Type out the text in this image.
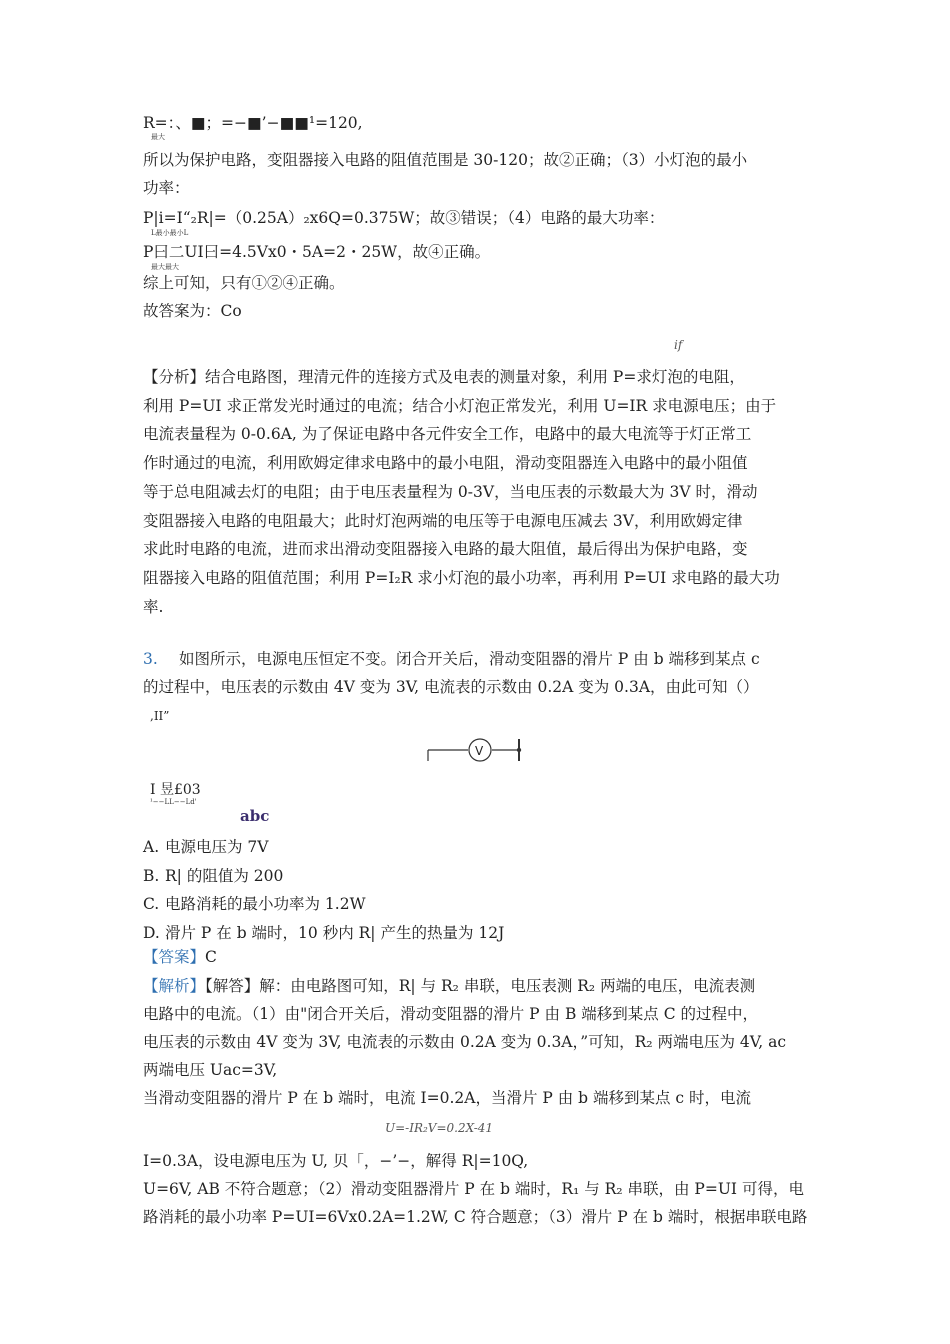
R=：、■；=−■’−■■¹=120,
最大
所以为保护电路，变阻器接入电路的阻值范围是 30-120；故②正确；（3）小灯泡的最小
功率：
P|i=I“₂R|=（0.25A）₂x6Q=0.375W；故③错误；（4）电路的最大功率：
L最小最小L
P曰二UI曰=4.5Vx0・5A=2・25W，故④正确。
最大最大
综上可知，只有①②④正确。
故答案为：Co
if
【分析】结合电路图，理清元件的连接方式及电表的测量对象，利用 P=求灯泡的电阻，
利用 P=UI 求正常发光时通过的电流；结合小灯泡正常发光，利用 U=IR 求电源电压；由于
电流表量程为 0-0.6A, 为了保证电路中各元件安全工作，电路中的最大电流等于灯正常工
作时通过的电流，利用欧姆定律求电路中的最小电阻，滑动变阻器连入电路中的最小阻值
等于总电阻减去灯的电阻；由于电压表量程为 0-3V，当电压表的示数最大为 3V 时，滑动
变阻器接入电路的电阻最大；此时灯泡两端的电压等于电源电压减去 3V，利用欧姆定律
求此时电路的电流，进而求出滑动变阻器接入电路的最大阻值，最后得出为保护电路，变
阻器接入电路的阻值范围；利用 P=I₂R 求小灯泡的最小功率，再利用 P=UI 求电路的最大功
率.
3. 如图所示，电源电压恒定不变。闭合开关后，滑动变阻器的滑片 P 由 b 端移到某点 c
的过程中，电压表的示数由 4V 变为 3V, 电流表的示数由 0.2A 变为 0.3A，由此可知（）
,II”
V
I 昱£03
¹−−LL−−Ld'
abc
A. 电源电压为 7V
B. R| 的阻值为 200
C. 电路消耗的最小功率为 1.2W
D. 滑片 P 在 b 端时，10 秒内 R| 产生的热量为 12J
【答案】C
【解析】【解答】解：由电路图可知，R| 与 R₂ 串联，电压表测 R₂ 两端的电压，电流表测
电路中的电流。（1）由"闭合开关后，滑动变阻器的滑片 P 由 B 端移到某点 C 的过程中，
电压表的示数由 4V 变为 3V, 电流表的示数由 0.2A 变为 0.3A，”可知，R₂ 两端电压为 4V, ac
两端电压 Uac=3V,
当滑动变阻器的滑片 P 在 b 端时，电流 I=0.2A，当滑片 P 由 b 端移到某点 c 时，电流
U=-IR₂V=0.2X-41
I=0.3A，设电源电压为 U, 贝「，−’−，解得 R|=10Q,
U=6V, AB 不符合题意；（2）滑动变阻器滑片 P 在 b 端时，R₁ 与 R₂ 串联，由 P=UI 可得，电
路消耗的最小功率 P=UI=6Vx0.2A=1.2W, C 符合题意；（3）滑片 P 在 b 端时，根据串联电路
